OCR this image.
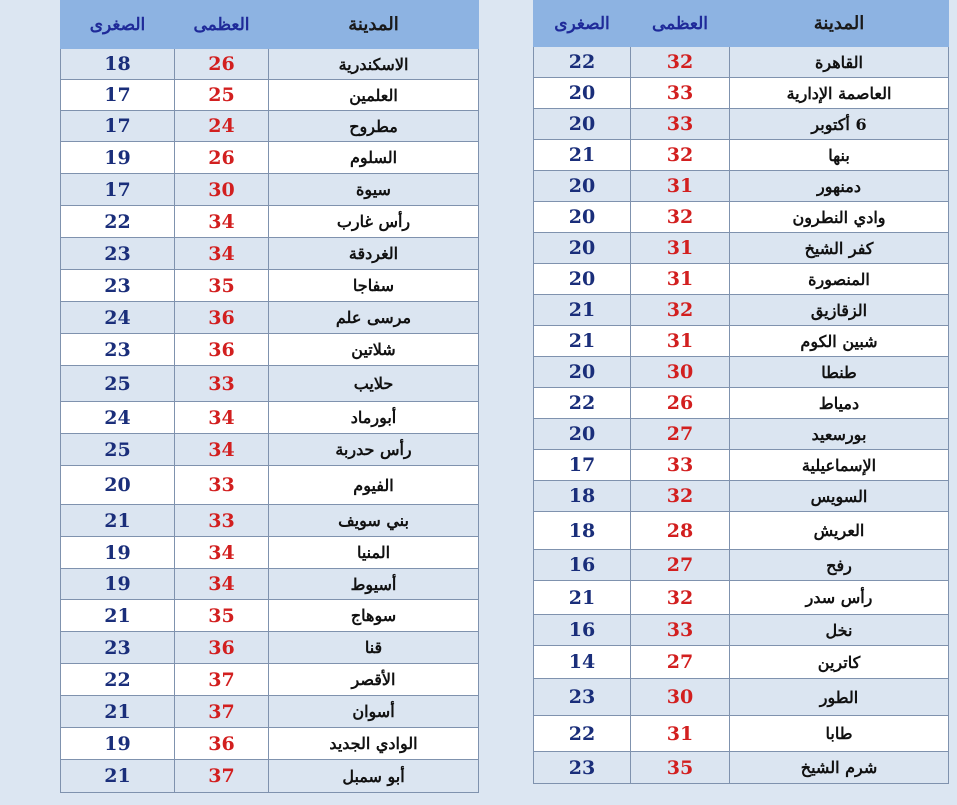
المدينة	العظمى	الصغرى
الاسكندرية	26	18
العلمين	25	17
مطروح	24	17
السلوم	26	19
سيوة	30	17
رأس غارب	34	22
الغردقة	34	23
سفاجا	35	23
مرسى علم	36	24
شلاتين	36	23
حلايب	33	25
أبورماد	34	24
رأس حدربة	34	25
الفيوم	33	20
بني سويف	33	21
المنيا	34	19
أسيوط	34	19
سوهاج	35	21
قنا	36	23
الأقصر	37	22
أسوان	37	21
الوادي الجديد	36	19
أبو سمبل	37	21
المدينة	العظمى	الصغرى
القاهرة	32	22
العاصمة الإدارية	33	20
6 أكتوبر	33	20
بنها	32	21
دمنهور	31	20
وادي النطرون	32	20
كفر الشيخ	31	20
المنصورة	31	20
الزقازيق	32	21
شبين الكوم	31	21
طنطا	30	20
دمياط	26	22
بورسعيد	27	20
الإسماعيلية	33	17
السويس	32	18
العريش	28	18
رفح	27	16
رأس سدر	32	21
نخل	33	16
كاترين	27	14
الطور	30	23
طابا	31	22
شرم الشيخ	35	23
